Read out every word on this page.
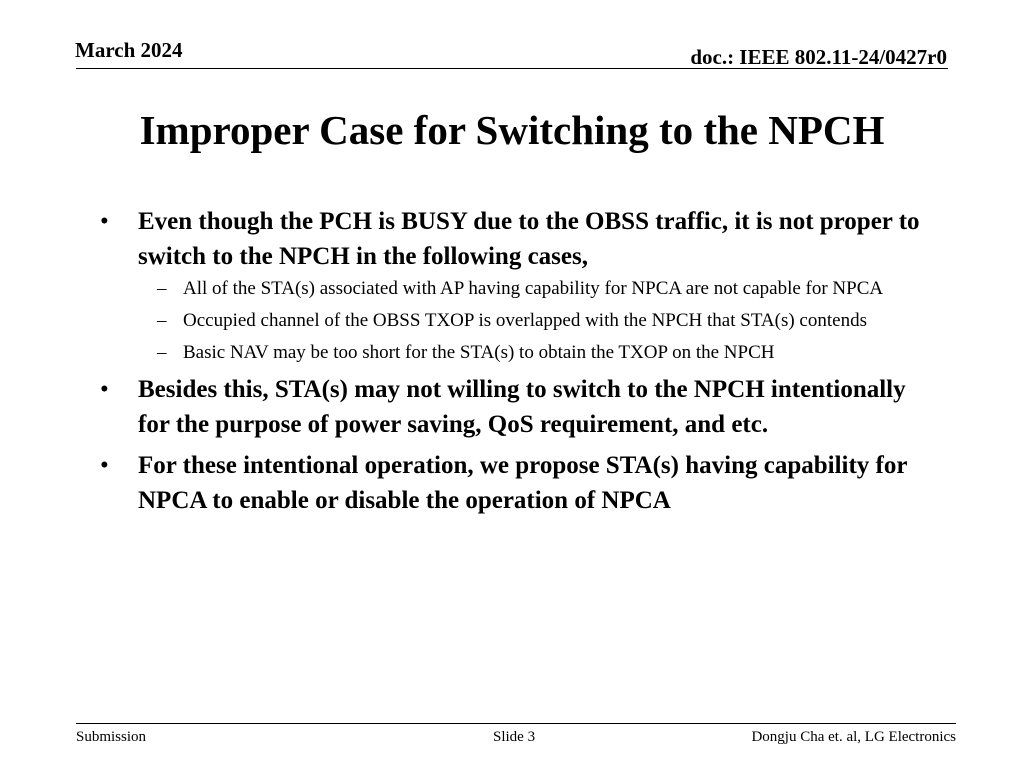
March 2024	doc.: IEEE 802.11-24/0427r0
Improper Case for Switching to the NPCH
• Even though the PCH is BUSY due to the OBSS traffic, it is not proper to switch to the NPCH in the following cases,
– All of the STA(s) associated with AP having capability for NPCA are not capable for NPCA
– Occupied channel of the OBSS TXOP is overlapped with the NPCH that STA(s) contends
– Basic NAV may be too short for the STA(s) to obtain the TXOP on the NPCH
• Besides this, STA(s) may not willing to switch to the NPCH intentionally for the purpose of power saving, QoS requirement, and etc.
• For these intentional operation, we propose STA(s) having capability for NPCA to enable or disable the operation of NPCA
Submission	Slide 3	Dongju Cha et. al, LG Electronics
